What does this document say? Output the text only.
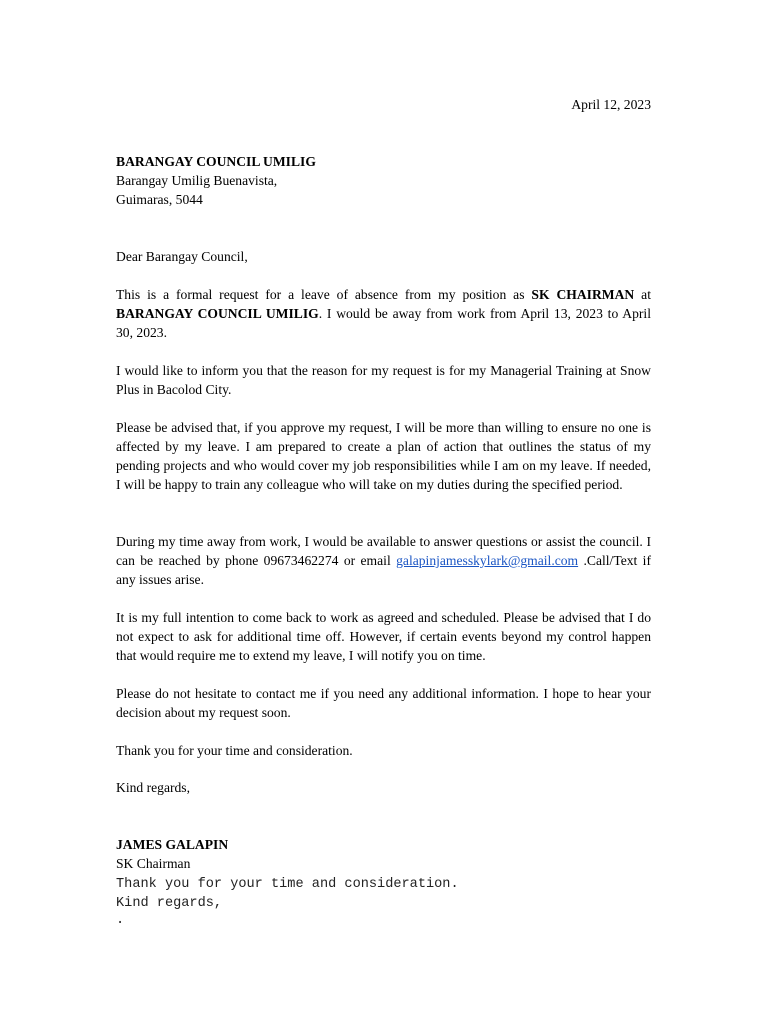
April 12, 2023
BARANGAY COUNCIL UMILIG
Barangay Umilig Buenavista,
Guimaras, 5044
Dear Barangay Council,
This is a formal request for a leave of absence from my position as SK CHAIRMAN at BARANGAY COUNCIL UMILIG. I would be away from work from April 13, 2023 to April 30, 2023.
I would like to inform you that the reason for my request is for my Managerial Training at Snow Plus in Bacolod City.
Please be advised that, if you approve my request, I will be more than willing to ensure no one is affected by my leave. I am prepared to create a plan of action that outlines the status of my pending projects and who would cover my job responsibilities while I am on my leave. If needed, I will be happy to train any colleague who will take on my duties during the specified period.
During my time away from work, I would be available to answer questions or assist the council. I can be reached by phone 09673462274 or email galapinjamesskylark@gmail.com .Call/Text if any issues arise.
It is my full intention to come back to work as agreed and scheduled. Please be advised that I do not expect to ask for additional time off. However, if certain events beyond my control happen that would require me to extend my leave, I will notify you on time.
Please do not hesitate to contact me if you need any additional information. I hope to hear your decision about my request soon.
Thank you for your time and consideration.
Kind regards,
JAMES GALAPIN
SK Chairman
Thank you for your time and consideration.
Kind regards,
.
